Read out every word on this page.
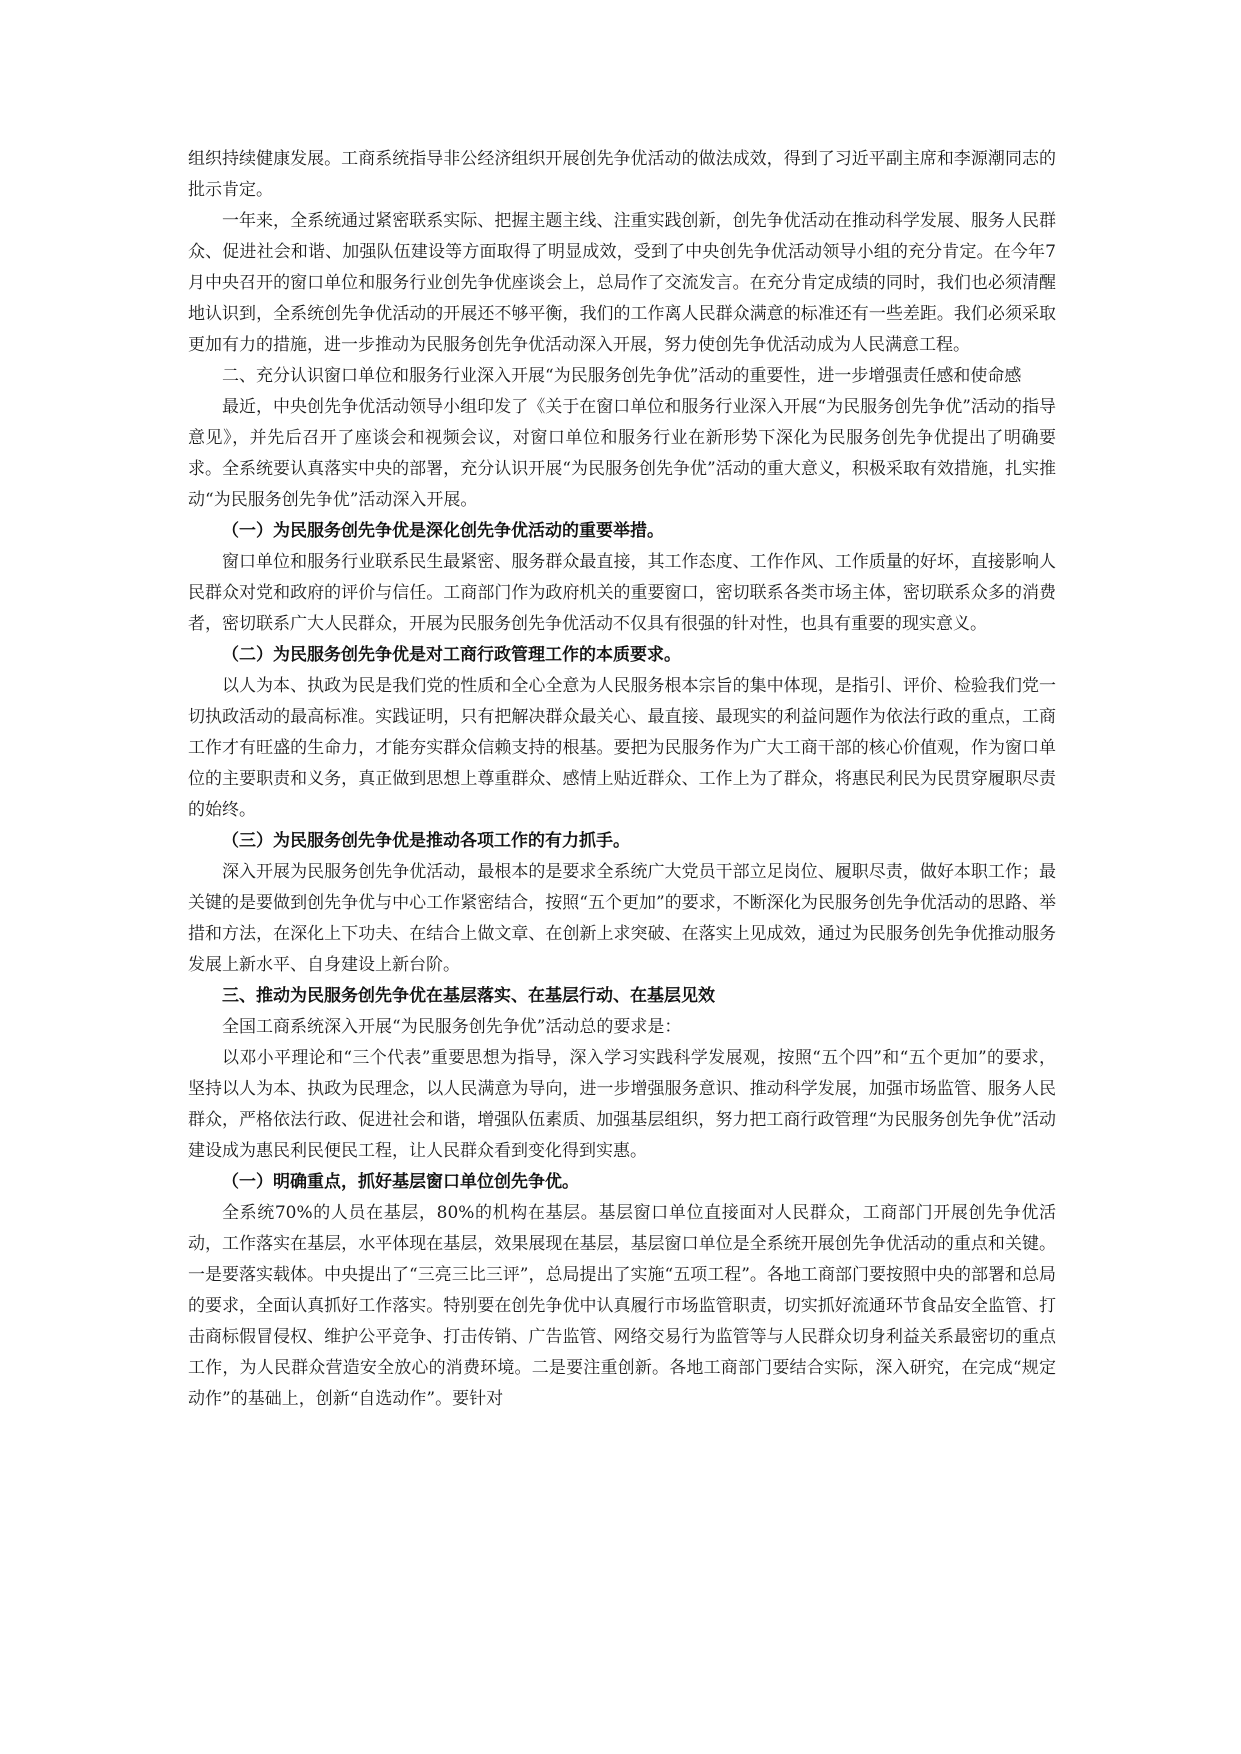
组织持续健康发展。工商系统指导非公经济组织开展创先争优活动的做法成效，得到了习近平副主席和李源潮同志的批示肯定。

一年来，全系统通过紧密联系实际、把握主题主线、注重实践创新，创先争优活动在推动科学发展、服务人民群众、促进社会和谐、加强队伍建设等方面取得了明显成效，受到了中央创先争优活动领导小组的充分肯定。在今年7月中央召开的窗口单位和服务行业创先争优座谈会上，总局作了交流发言。在充分肯定成绩的同时，我们也必须清醒地认识到，全系统创先争优活动的开展还不够平衡，我们的工作离人民群众满意的标准还有一些差距。我们必须采取更加有力的措施，进一步推动为民服务创先争优活动深入开展，努力使创先争优活动成为人民满意工程。

二、充分认识窗口单位和服务行业深入开展“为民服务创先争优”活动的重要性，进一步增强责任感和使命感

最近，中央创先争优活动领导小组印发了《关于在窗口单位和服务行业深入开展“为民服务创先争优”活动的指导意见》，并先后召开了座谈会和视频会议，对窗口单位和服务行业在新形势下深化为民服务创先争优提出了明确要求。全系统要认真落实中央的部署，充分认识开展“为民服务创先争优”活动的重大意义，积极采取有效措施，扎实推动“为民服务创先争优”活动深入开展。

（一）为民服务创先争优是深化创先争优活动的重要举措。

窗口单位和服务行业联系民生最紧密、服务群众最直接，其工作态度、工作作风、工作质量的好坏，直接影响人民群众对党和政府的评价与信任。工商部门作为政府机关的重要窗口，密切联系各类市场主体，密切联系众多的消费者，密切联系广大人民群众，开展为民服务创先争优活动不仅具有很强的针对性，也具有重要的现实意义。

（二）为民服务创先争优是对工商行政管理工作的本质要求。

以人为本、执政为民是我们党的性质和全心全意为人民服务根本宗旨的集中体现，是指引、评价、检验我们党一切执政活动的最高标准。实践证明，只有把解决群众最关心、最直接、最现实的利益问题作为依法行政的重点，工商工作才有旺盛的生命力，才能夯实群众信赖支持的根基。要把为民服务作为广大工商干部的核心价值观，作为窗口单位的主要职责和义务，真正做到思想上尊重群众、感情上贴近群众、工作上为了群众，将惠民利民为民贯穿履职尽责的始终。

（三）为民服务创先争优是推动各项工作的有力抓手。

深入开展为民服务创先争优活动，最根本的是要求全系统广大党员干部立足岗位、履职尽责，做好本职工作；最关键的是要做到创先争优与中心工作紧密结合，按照“五个更加”的要求，不断深化为民服务创先争优活动的思路、举措和方法，在深化上下功夫、在结合上做文章、在创新上求突破、在落实上见成效，通过为民服务创先争优推动服务发展上新水平、自身建设上新台阶。

三、推动为民服务创先争优在基层落实、在基层行动、在基层见效

全国工商系统深入开展“为民服务创先争优”活动总的要求是：

以邓小平理论和“三个代表”重要思想为指导，深入学习实践科学发展观，按照“五个四”和“五个更加”的要求，坚持以人为本、执政为民理念，以人民满意为导向，进一步增强服务意识、推动科学发展，加强市场监管、服务人民群众，严格依法行政、促进社会和谐，增强队伍素质、加强基层组织，努力把工商行政管理“为民服务创先争优”活动建设成为惠民利民便民工程，让人民群众看到变化得到实惠。

（一）明确重点，抓好基层窗口单位创先争优。

全系统70%的人员在基层，80%的机构在基层。基层窗口单位直接面对人民群众，工商部门开展创先争优活动，工作落实在基层，水平体现在基层，效果展现在基层，基层窗口单位是全系统开展创先争优活动的重点和关键。一是要落实载体。中央提出了“三亮三比三评”，总局提出了实施“五项工程”。各地工商部门要按照中央的部署和总局的要求，全面认真抓好工作落实。特别要在创先争优中认真履行市场监管职责，切实抓好流通环节食品安全监管、打击商标假冒侵权、维护公平竞争、打击传销、广告监管、网络交易行为监管等与人民群众切身利益关系最密切的重点工作，为人民群众营造安全放心的消费环境。二是要注重创新。各地工商部门要结合实际，深入研究，在完成“规定动作”的基础上，创新“自选动作”。要针对
